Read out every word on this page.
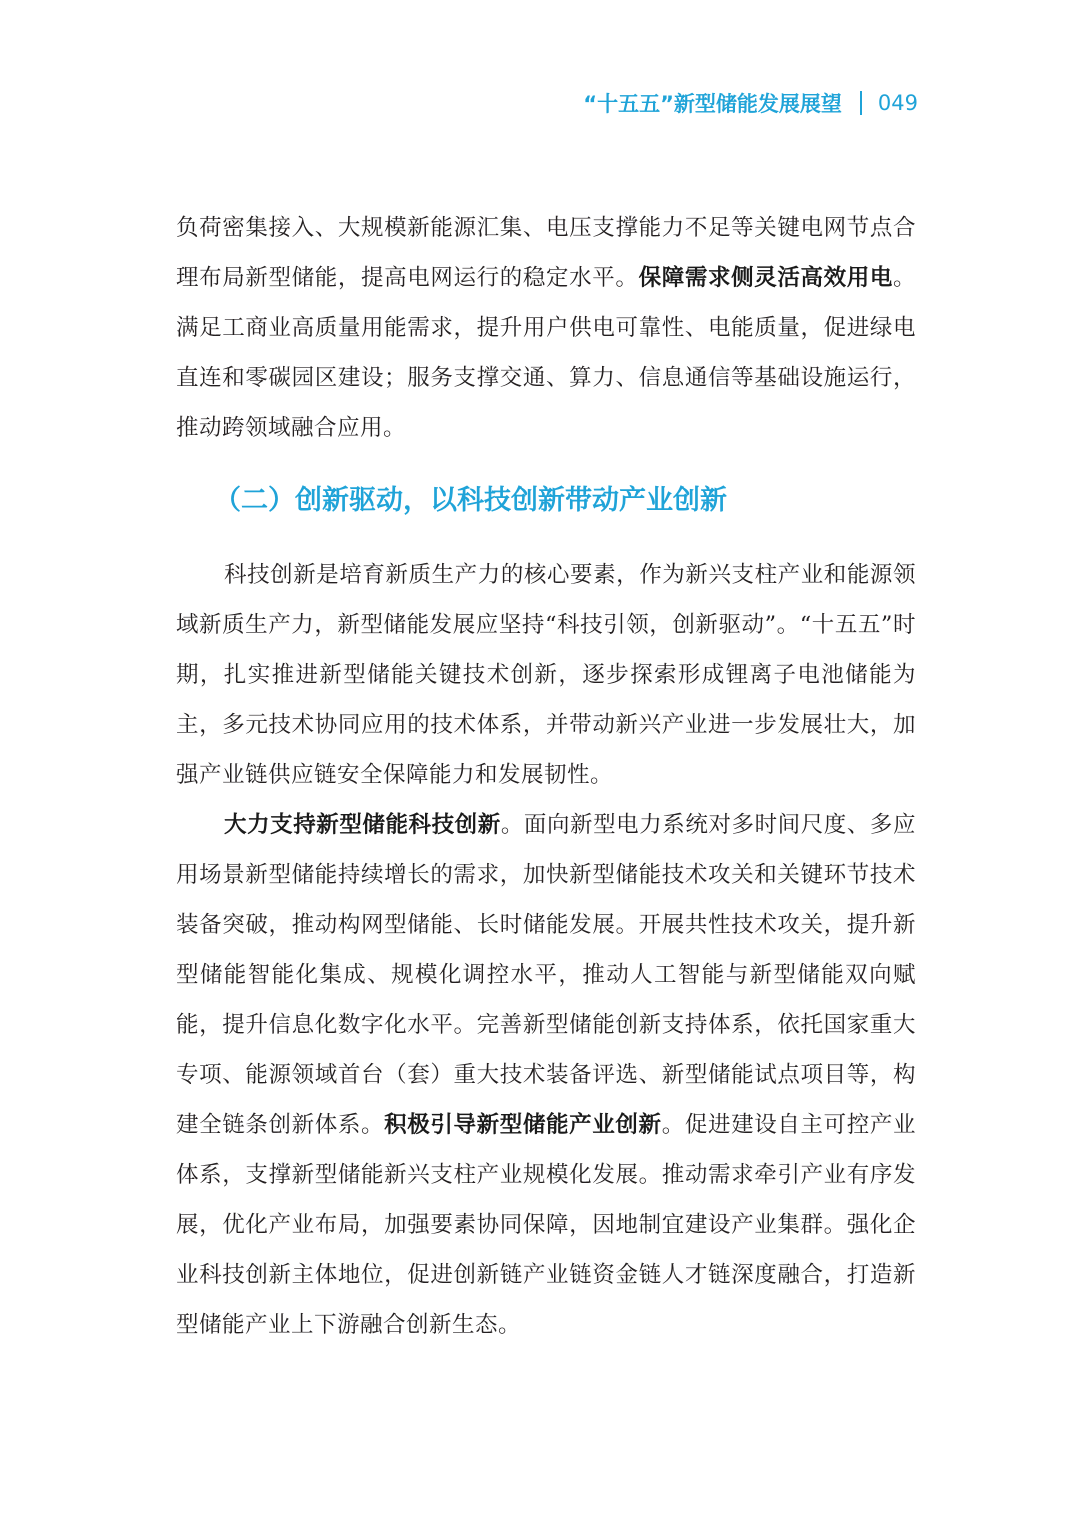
“十五五”新型储能发展展望 049

负荷密集接入、大规模新能源汇集、电压支撑能力不足等关键电网节点合理布局新型储能，提高电网运行的稳定水平。保障需求侧灵活高效用电。满足工商业高质量用能需求，提升用户供电可靠性、电能质量，促进绿电直连和零碳园区建设；服务支撑交通、算力、信息通信等基础设施运行，推动跨领域融合应用。

（二）创新驱动，以科技创新带动产业创新

科技创新是培育新质生产力的核心要素，作为新兴支柱产业和能源领域新质生产力，新型储能发展应坚持“科技引领，创新驱动”。“十五五”时期，扎实推进新型储能关键技术创新，逐步探索形成锂离子电池储能为主，多元技术协同应用的技术体系，并带动新兴产业进一步发展壮大，加强产业链供应链安全保障能力和发展韧性。

大力支持新型储能科技创新。面向新型电力系统对多时间尺度、多应用场景新型储能持续增长的需求，加快新型储能技术攻关和关键环节技术装备突破，推动构网型储能、长时储能发展。开展共性技术攻关，提升新型储能智能化集成、规模化调控水平，推动人工智能与新型储能双向赋能，提升信息化数字化水平。完善新型储能创新支持体系，依托国家重大专项、能源领域首台（套）重大技术装备评选、新型储能试点项目等，构建全链条创新体系。积极引导新型储能产业创新。促进建设自主可控产业体系，支撑新型储能新兴支柱产业规模化发展。推动需求牵引产业有序发展，优化产业布局，加强要素协同保障，因地制宜建设产业集群。强化企业科技创新主体地位，促进创新链产业链资金链人才链深度融合，打造新型储能产业上下游融合创新生态。
